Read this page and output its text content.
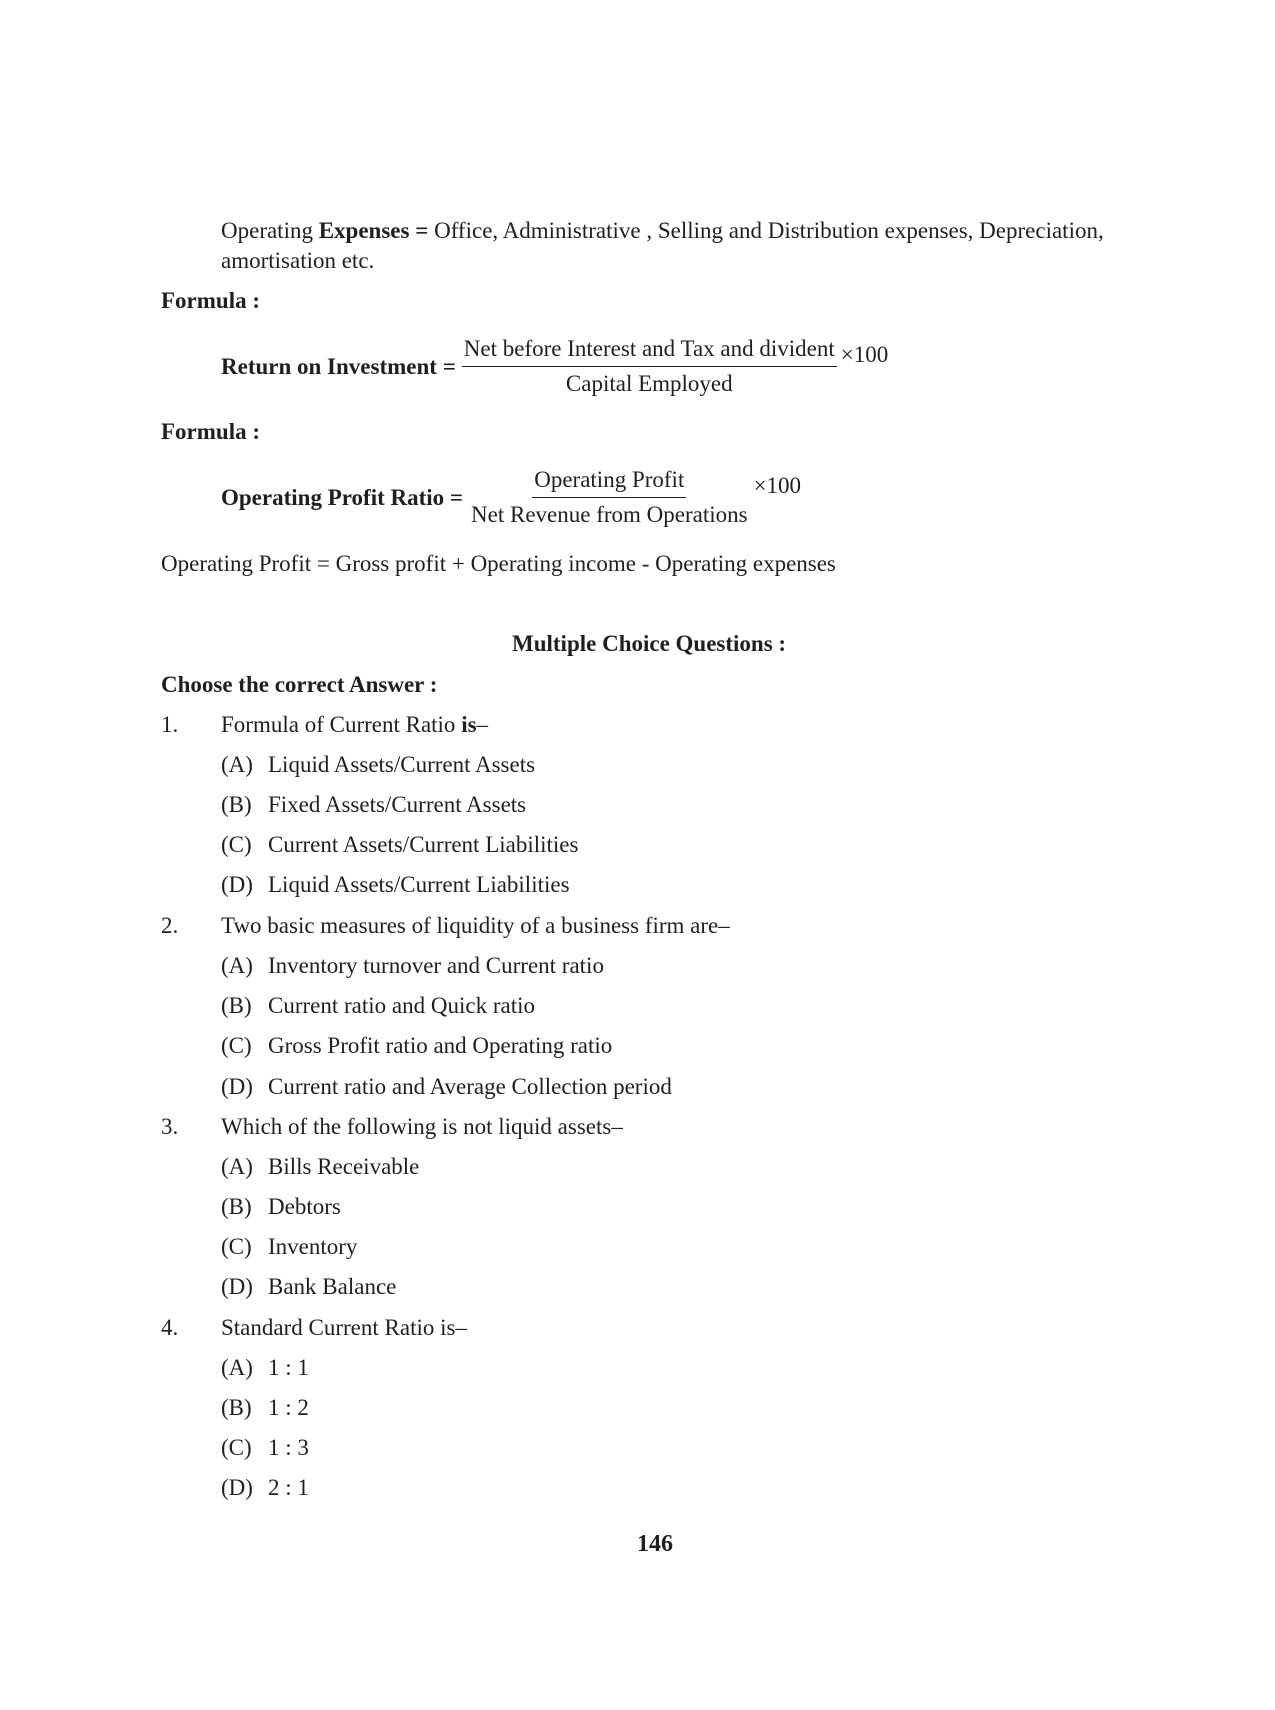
Operating Expenses = Office, Administrative , Selling and Distribution expenses, Depreciation,
amortisation etc.
Formula :
Return on Investment = $\frac{\text{Net before Interest and Tax and divident}}{\text{Capital Employed}} \times 100$
Formula :
Operating Profit Ratio = $\frac{\text{Operating Profit}}{\text{Net Revenue from Operations}} \times 100$
Operating Profit = Gross profit + Operating income - Operating expenses
Multiple Choice Questions :
Choose the correct Answer :
1. Formula of Current Ratio is–
(A) Liquid Assets/Current Assets
(B) Fixed Assets/Current Assets
(C) Current Assets/Current Liabilities
(D) Liquid Assets/Current Liabilities
2. Two basic measures of liquidity of a business firm are–
(A) Inventory turnover and Current ratio
(B) Current ratio and Quick ratio
(C) Gross Profit ratio and Operating ratio
(D) Current ratio and Average Collection period
3. Which of the following is not liquid assets–
(A) Bills Receivable
(B) Debtors
(C) Inventory
(D) Bank Balance
4. Standard Current Ratio is–
(A) 1 : 1
(B) 1 : 2
(C) 1 : 3
(D) 2 : 1
146
